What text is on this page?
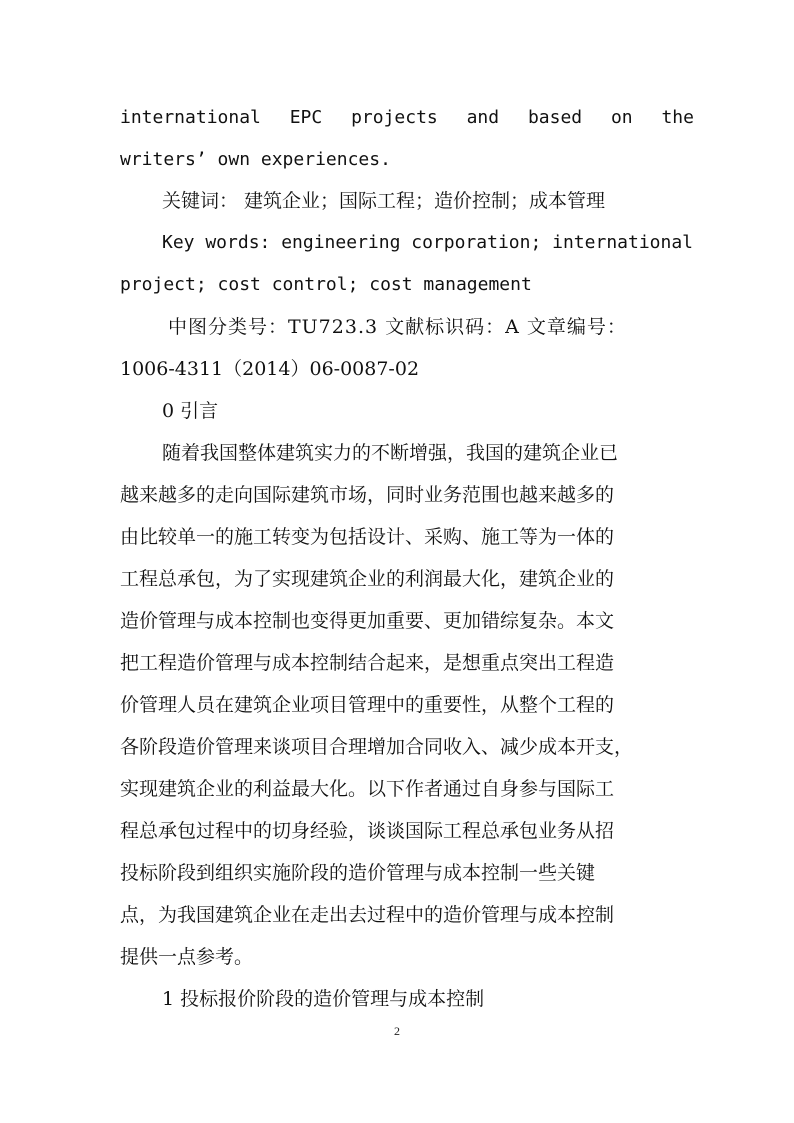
international EPC projects and based on the
writers’ own experiences.
关键词： 建筑企业；国际工程；造价控制；成本管理
Key words: engineering corporation; international
project; cost control; cost management
中图分类号：TU723.3 文献标识码：A 文章编号：
1006-4311（2014）06-0087-02
0 引言
随着我国整体建筑实力的不断增强，我国的建筑企业已
越来越多的走向国际建筑市场，同时业务范围也越来越多的
由比较单一的施工转变为包括设计、采购、施工等为一体的
工程总承包，为了实现建筑企业的利润最大化，建筑企业的
造价管理与成本控制也变得更加重要、更加错综复杂。本文
把工程造价管理与成本控制结合起来，是想重点突出工程造
价管理人员在建筑企业项目管理中的重要性，从整个工程的
各阶段造价管理来谈项目合理增加合同收入、减少成本开支，
实现建筑企业的利益最大化。以下作者通过自身参与国际工
程总承包过程中的切身经验，谈谈国际工程总承包业务从招
投标阶段到组织实施阶段的造价管理与成本控制一些关键
点，为我国建筑企业在走出去过程中的造价管理与成本控制
提供一点参考。
1 投标报价阶段的造价管理与成本控制
2
